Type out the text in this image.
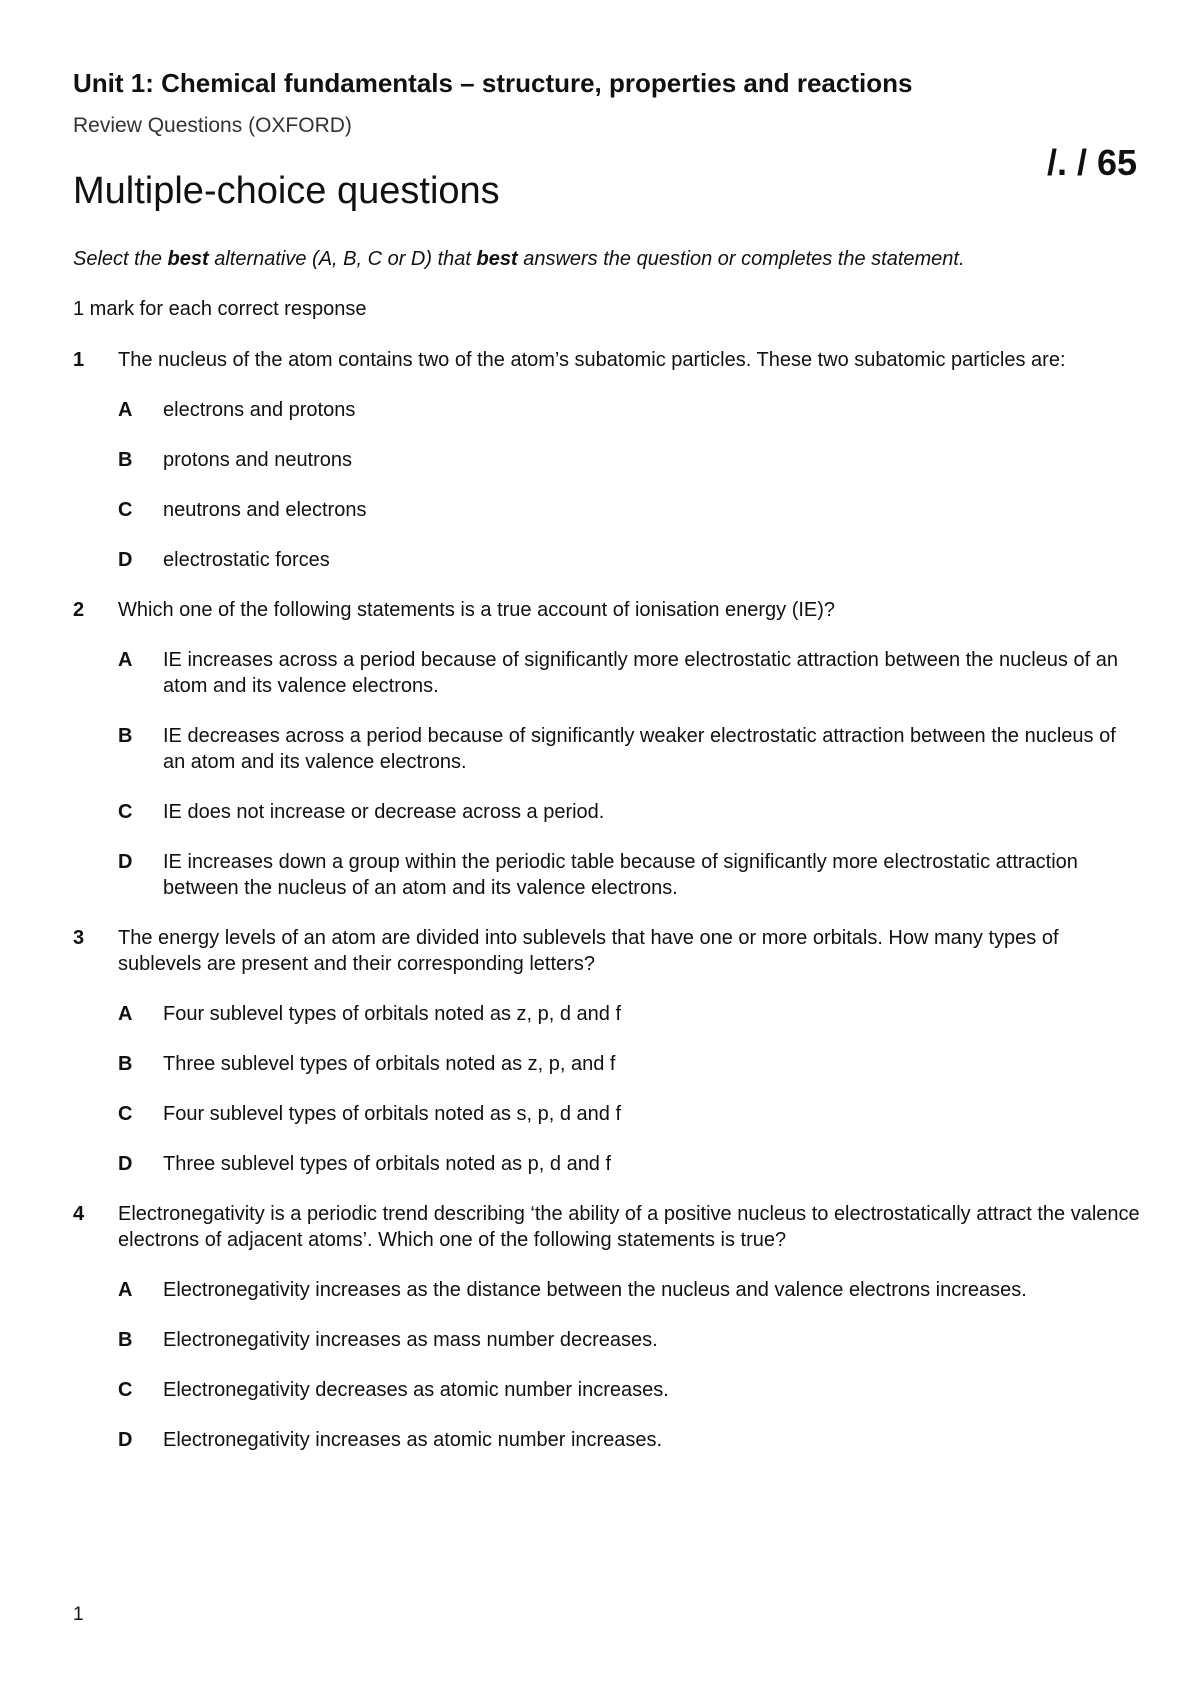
Unit 1: Chemical fundamentals – structure, properties and reactions
Review Questions (OXFORD)
/. / 65
Multiple-choice questions
Select the best alternative (A, B, C or D) that best answers the question or completes the statement.
1 mark for each correct response
1	The nucleus of the atom contains two of the atom’s subatomic particles. These two subatomic particles are:
A	electrons and protons
B	protons and neutrons
C	neutrons and electrons
D	electrostatic forces
2	Which one of the following statements is a true account of ionisation energy (IE)?
A	IE increases across a period because of significantly more electrostatic attraction between the nucleus of an atom and its valence electrons.
B	IE decreases across a period because of significantly weaker electrostatic attraction between the nucleus of an atom and its valence electrons.
C	IE does not increase or decrease across a period.
D	IE increases down a group within the periodic table because of significantly more electrostatic attraction between the nucleus of an atom and its valence electrons.
3	The energy levels of an atom are divided into sublevels that have one or more orbitals. How many types of sublevels are present and their corresponding letters?
A	Four sublevel types of orbitals noted as z, p, d and f
B	Three sublevel types of orbitals noted as z, p, and f
C	Four sublevel types of orbitals noted as s, p, d and f
D	Three sublevel types of orbitals noted as p, d and f
4	Electronegativity is a periodic trend describing ‘the ability of a positive nucleus to electrostatically attract the valence electrons of adjacent atoms’. Which one of the following statements is true?
A	Electronegativity increases as the distance between the nucleus and valence electrons increases.
B	Electronegativity increases as mass number decreases.
C	Electronegativity decreases as atomic number increases.
D	Electronegativity increases as atomic number increases.
1
